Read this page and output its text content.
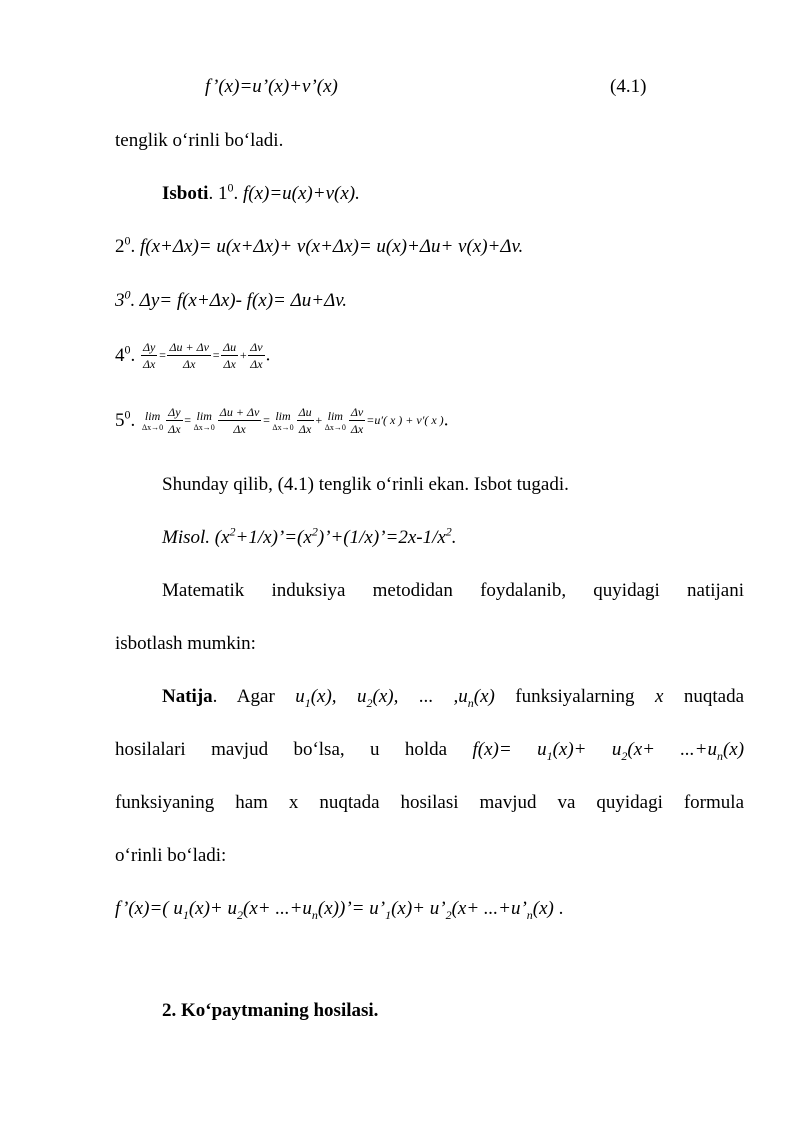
f’(x)=u’(x)+v’(x)	(4.1)
tenglik o‘rinli bo‘ladi.
Isboti. $1^0$. f(x)=u(x)+v(x).
$2^0$. f(x+Δx)= u(x+Δx)+ v(x+Δx)= u(x)+Δu+ v(x)+Δv.
$3^0$. Δy= f(x+Δx)- f(x)= Δu+Δv.
$4^0$. $\frac{\Delta y}{\Delta x} = \frac{\Delta u + \Delta v}{\Delta x} = \frac{\Delta u}{\Delta x} + \frac{\Delta v}{\Delta x}$ .
$5^0$. lim
$\Delta x\to 0 \frac{\Delta y}{\Delta x} = \lim$
$\Delta x\to 0 \frac{\Delta u + \Delta v}{\Delta x} = \lim$
$\Delta x\to 0 \frac{\Delta u}{\Delta x} + \lim$
$\Delta x\to 0 \frac{\Delta v}{\Delta x} =u'$( x ) + v′( x ).
Shunday qilib, (4.1) tenglik o‘rinli ekan. Isbot tugadi.
Misol. $(x^2+1/x)’=(x^2)’+(1/x)’=2x-1/x^2$.
Matematik induksiya metodidan foydalanib, quyidagi natijani
isbotlash mumkin:
Natija. Agar $u_1(x)$, $u_2(x)$, ... $,u_n(x)$ funksiyalarning x nuqtada
hosilalari mavjud bo‘lsa, u holda $f(x)= u_1(x)+ u_2(x+ ...+u_n(x)$
funksiyaning ham x nuqtada hosilasi mavjud va quyidagi formula
o‘rinli bo‘ladi:
f’(x)=( $u_1(x)+ u_2(x+$ $...+u_n(x))’=$ $u’_1(x)+$ $u’_2(x+$ $...+u’_n(x)$ .
2. Ko‘paytmaning hosilasi.
